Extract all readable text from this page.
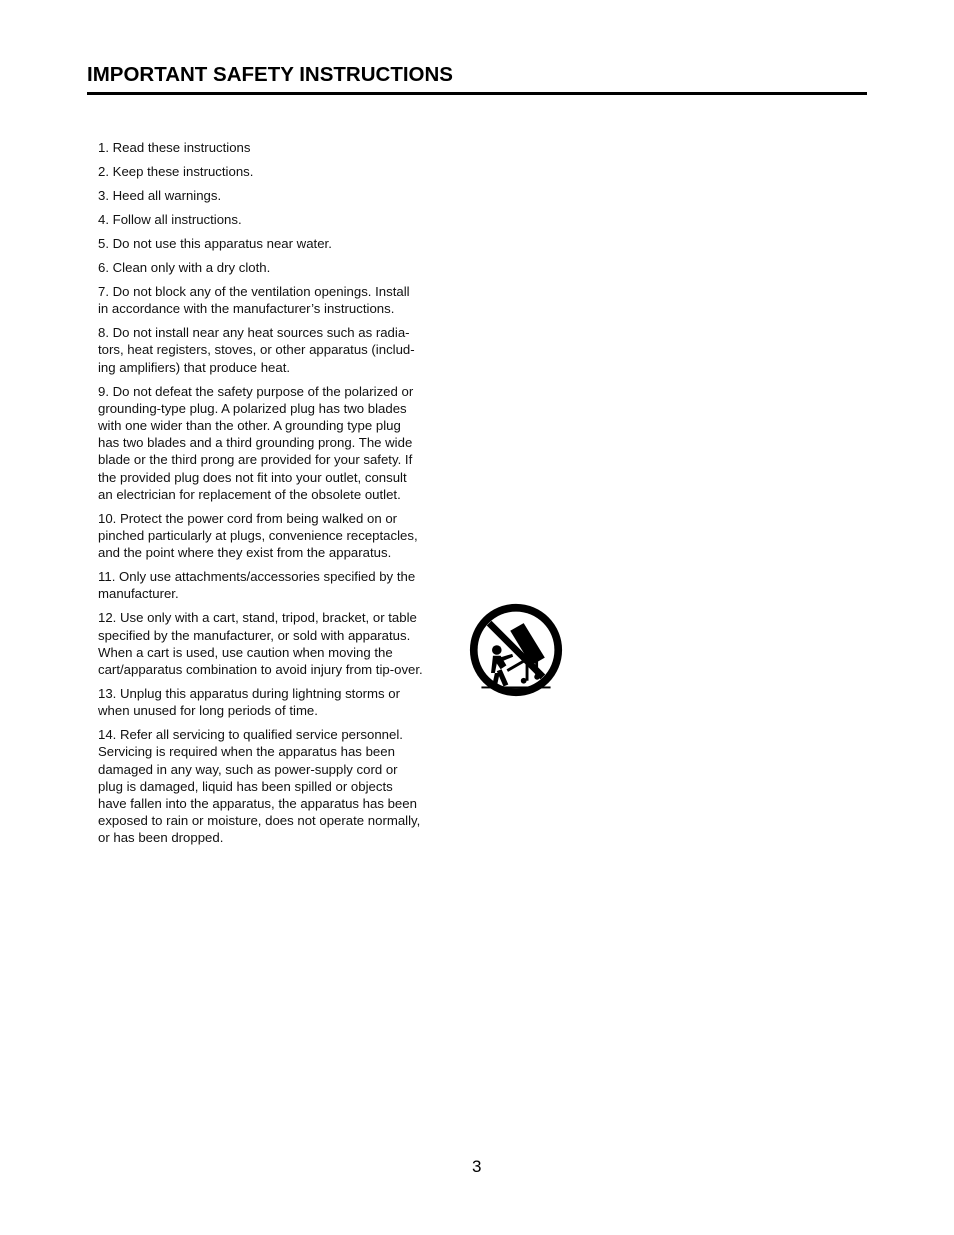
IMPORTANT SAFETY INSTRUCTIONS
1. Read these instructions
2. Keep these instructions.
3. Heed all warnings.
4. Follow all instructions.
5. Do not use this apparatus near water.
6. Clean only with a dry cloth.
7. Do not block any of the ventilation openings. Install
in accordance with the manufacturer’s instructions.
8. Do not install near any heat sources such as radia-
tors, heat registers, stoves, or other apparatus (includ-
ing amplifiers) that produce heat.
9. Do not defeat the safety purpose of the polarized or
grounding-type plug. A polarized plug has two blades
with one wider than the other. A grounding type plug
has two blades and a third grounding prong. The wide
blade or the third prong are provided for your safety. If
the provided plug does not fit into your outlet, consult
an electrician for replacement of the obsolete outlet.
10. Protect the power cord from being walked on or
pinched particularly at plugs, convenience receptacles,
and the point where they exist from the apparatus.
11. Only use attachments/accessories specified by the
manufacturer.
12. Use only with a cart, stand, tripod, bracket, or table
specified by the manufacturer, or sold with apparatus.
When a cart is used, use caution when moving the
cart/apparatus combination to avoid injury from tip-over.
13. Unplug this apparatus during lightning storms or
when unused for long periods of time.
14. Refer all servicing to qualified service personnel.
Servicing is required when the apparatus has been
damaged in any way, such as power-supply cord or
plug is damaged, liquid has been spilled or objects
have fallen into the apparatus, the apparatus has been
exposed to rain or moisture, does not operate normally,
or has been dropped.
3
